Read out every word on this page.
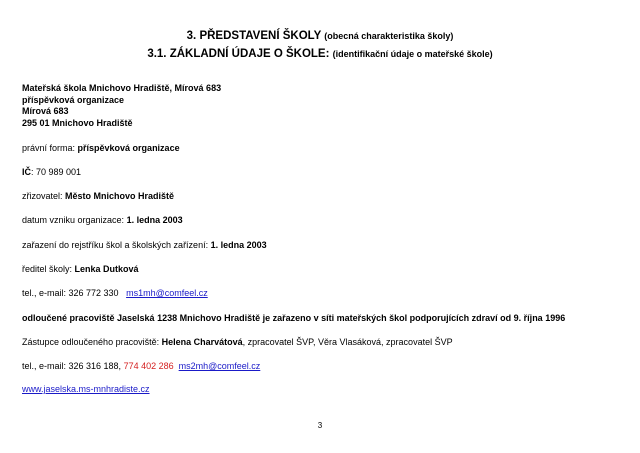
3. PŘEDSTAVENÍ ŠKOLY (obecná charakteristika školy)
3.1. ZÁKLADNÍ ÚDAJE O ŠKOLE: (identifikační údaje o mateřské škole)
Mateřská škola Mnichovo Hradiště, Mírová 683
příspěvková organizace
Mírová 683
295 01 Mnichovo Hradiště
právní forma: příspěvková organizace
IČ: 70 989 001
zřizovatel: Město Mnichovo Hradiště
datum vzniku organizace: 1. ledna 2003
zařazení do rejstříku škol a školských zařízení: 1. ledna 2003
ředitel školy: Lenka Dutková
tel., e-mail: 326 772 330 ms1mh@comfeel.cz
odloučené pracoviště Jaselská 1238 Mnichovo Hradiště je zařazeno v síti mateřských škol podporujících zdraví od 9. října 1996
Zástupce odloučeného pracoviště: Helena Charvátová, zpracovatel ŠVP, Věra Vlasáková, zpracovatel ŠVP
tel., e-mail: 326 316 188, 774 402 286 ms2mh@comfeel.cz
www.jaselska.ms-mnhradiste.cz
3
